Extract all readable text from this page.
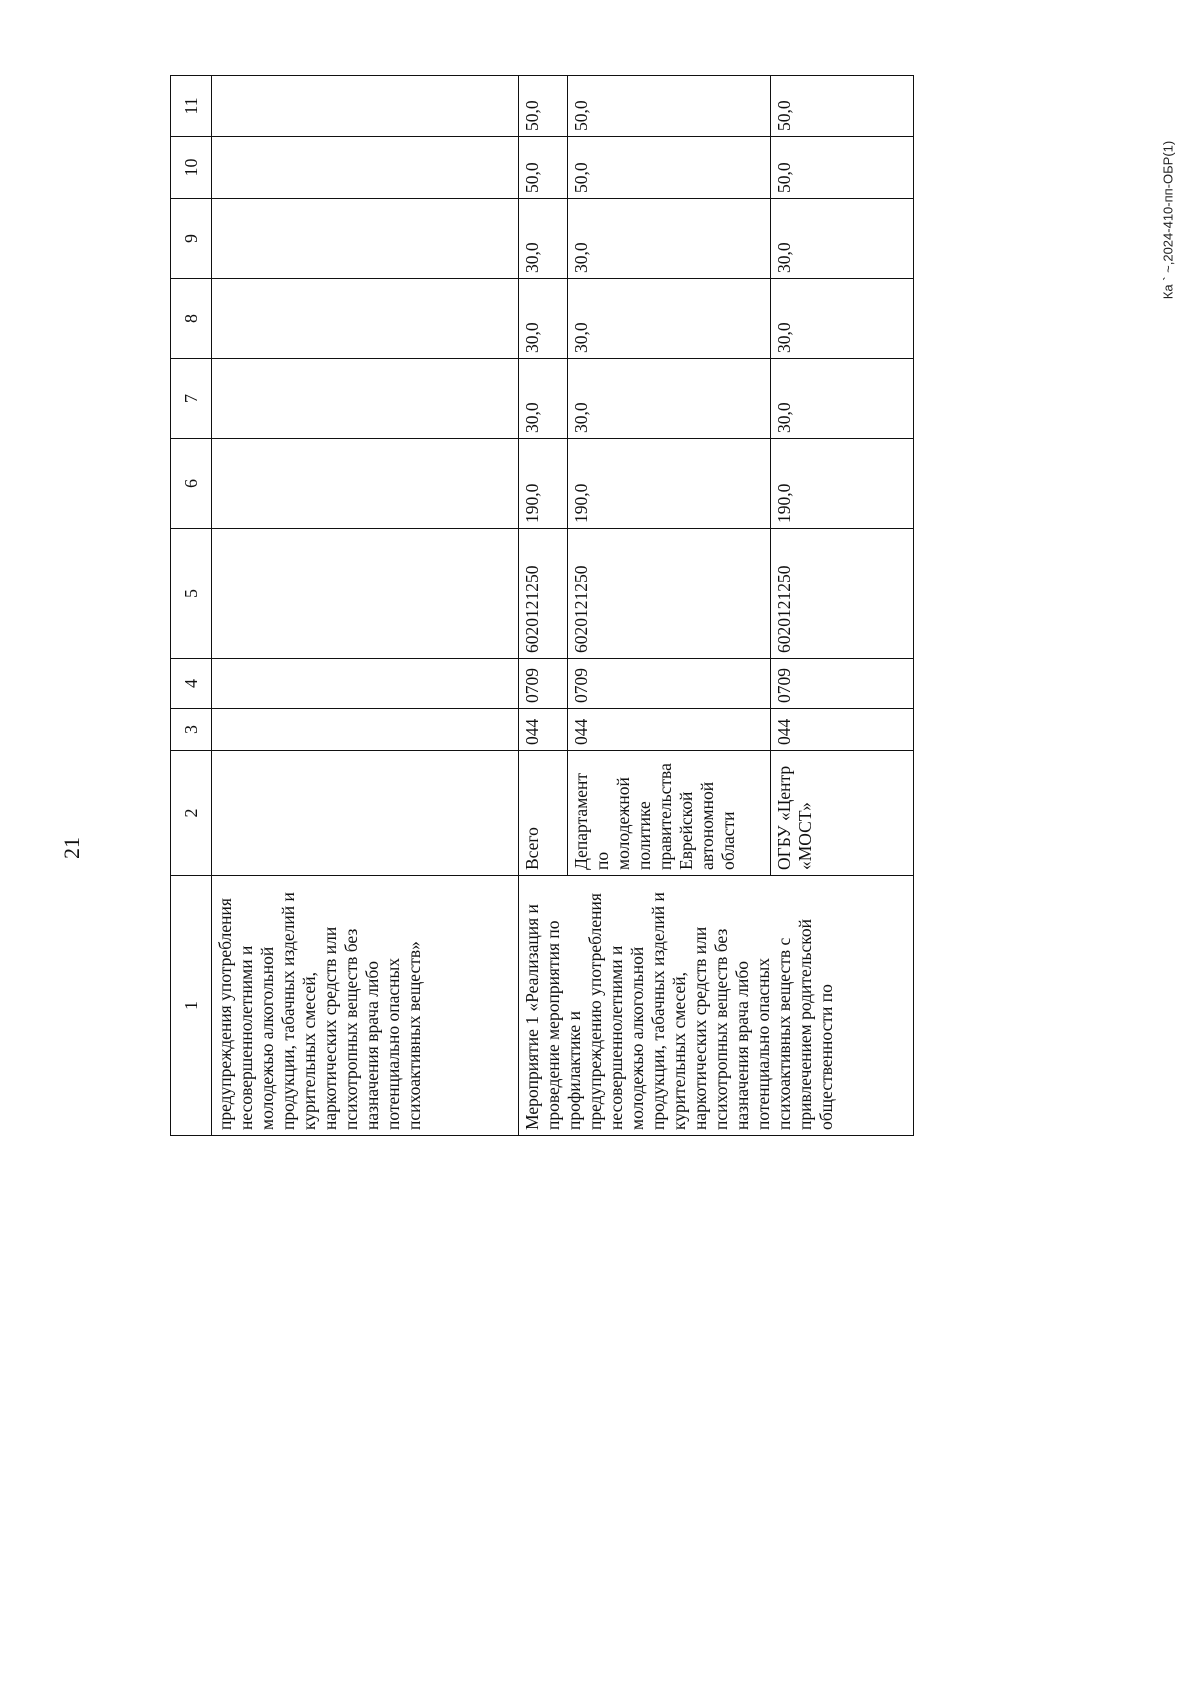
21
Ка ` ~,2024-410-пп-ОБР(1)
1	2	3	4	5	6	7	8	9	10	11
предупреждения употребления несовершеннолетними и молодежью алкогольной продукции, табачных изделий и курительных смесей, наркотических средств или психотропных веществ без назначения врача либо потенциально опасных психоактивных веществ»										
Мероприятие 1 «Реализация и проведение мероприятия по профилактике и предупреждению употребления несовершеннолетними и молодежью алкогольной продукции, табачных изделий и курительных смесей, наркотических средств или психотропных веществ без назначения врача либо потенциально опасных психоактивных веществ с привлечением родительской общественности по	Всего	044	0709	6020121250	190,0	30,0	30,0	30,0	50,0	50,0
	Департамент по молодежной политике правительства Еврейской автономной области	044	0709	6020121250	190,0	30,0	30,0	30,0	50,0	50,0
	ОГБУ «Центр «МОСТ»	044	0709	6020121250	190,0	30,0	30,0	30,0	50,0	50,0
